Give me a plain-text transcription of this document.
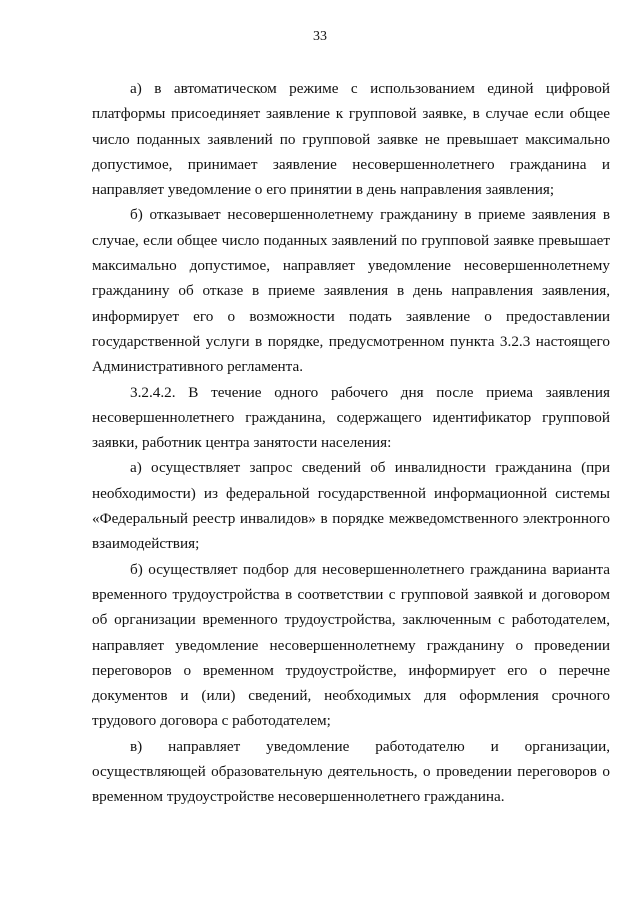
33

а) в автоматическом режиме с использованием единой цифровой платформы присоединяет заявление к групповой заявке, в случае если общее число поданных заявлений по групповой заявке не превышает максимально допустимое, принимает заявление несовершеннолетнего гражданина и направляет уведомление о его принятии в день направления заявления;

б) отказывает несовершеннолетнему гражданину в приеме заявления в случае, если общее число поданных заявлений по групповой заявке превышает максимально допустимое, направляет уведомление несовершеннолетнему гражданину об отказе в приеме заявления в день направления заявления, информирует его о возможности подать заявление о предоставлении государственной услуги в порядке, предусмотренном пункта 3.2.3 настоящего Административного регламента.

3.2.4.2. В течение одного рабочего дня после приема заявления несовершеннолетнего гражданина, содержащего идентификатор групповой заявки, работник центра занятости населения:

а) осуществляет запрос сведений об инвалидности гражданина (при необходимости) из федеральной государственной информационной системы «Федеральный реестр инвалидов» в порядке межведомственного электронного взаимодействия;

б) осуществляет подбор для несовершеннолетнего гражданина варианта временного трудоустройства в соответствии с групповой заявкой и договором об организации временного трудоустройства, заключенным с работодателем, направляет уведомление несовершеннолетнему гражданину о проведении переговоров о временном трудоустройстве, информирует его о перечне документов и (или) сведений, необходимых для оформления срочного трудового договора с работодателем;

в) направляет уведомление работодателю и организации, осуществляющей образовательную деятельность, о проведении переговоров о временном трудоустройстве несовершеннолетнего гражданина.
